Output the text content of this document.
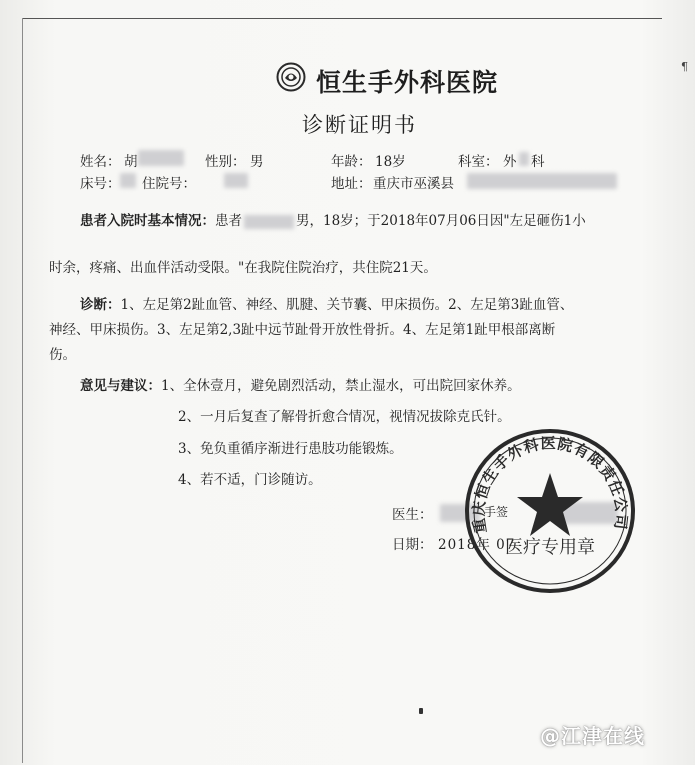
¶
恒生手外科医院
诊断证明书
姓名： 胡	性别： 男	年龄： 18岁	科室： 外 科
床号： 住院号：	地址： 重庆市巫溪县
患者入院时基本情况：患者	男，18岁；于2018年07月06日因"左足砸伤1小
时余，疼痛、出血伴活动受限。"在我院住院治疗，共住院21天。
诊断：1、左足第2趾血管、神经、肌腱、关节囊、甲床损伤。2、左足第3趾血管、
神经、甲床损伤。3、左足第2,3趾中远节趾骨开放性骨折。4、左足第1趾甲根部离断
伤。
意见与建议：1、全休壹月，避免剧烈活动，禁止湿水，可出院回家休养。
2、一月后复查了解骨折愈合情况，视情况拔除克氏针。
3、免负重循序渐进行患肢功能锻炼。
4、若不适，门诊随访。
医生：	手签
日期： 2018年 07
重庆恒生手外科医院有限责任公司
医疗专用章
@江津在线
